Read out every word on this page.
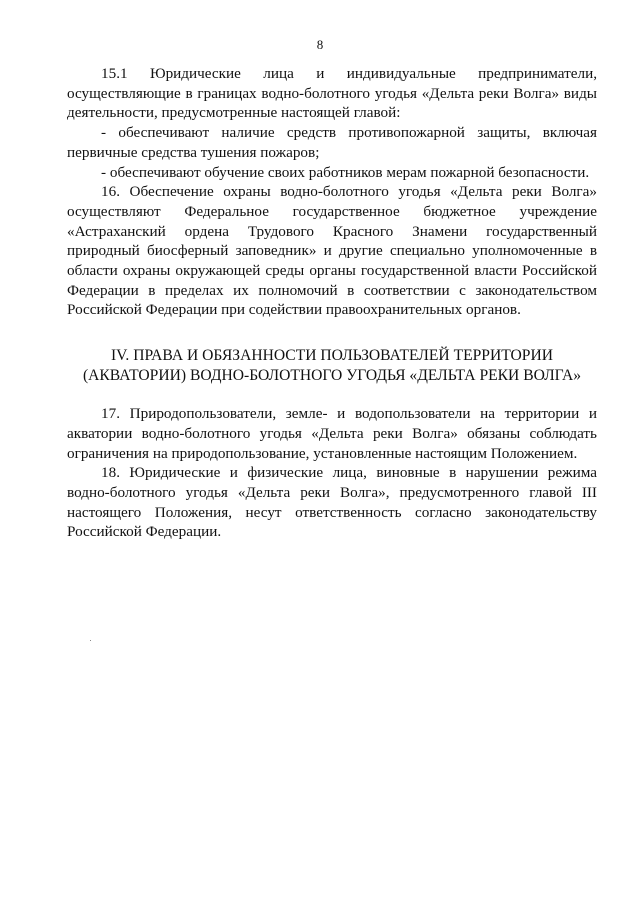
8

15.1 Юридические лица и индивидуальные предприниматели, осуществляющие в границах водно-болотного угодья «Дельта реки Волга» виды деятельности, предусмотренные настоящей главой:

- обеспечивают наличие средств противопожарной защиты, включая первичные средства тушения пожаров;

- обеспечивают обучение своих работников мерам пожарной безопасности.

16. Обеспечение охраны водно-болотного угодья «Дельта реки Волга» осуществляют Федеральное государственное бюджетное учреждение «Астраханский ордена Трудового Красного Знамени государственный природный биосферный заповедник» и другие специально уполномоченные в области охраны окружающей среды органы государственной власти Российской Федерации в пределах их полномочий в соответствии с законодательством Российской Федерации при содействии правоохранительных органов.

IV. ПРАВА И ОБЯЗАННОСТИ ПОЛЬЗОВАТЕЛЕЙ ТЕРРИТОРИИ
(АКВАТОРИИ) ВОДНО-БОЛОТНОГО УГОДЬЯ «ДЕЛЬТА РЕКИ ВОЛГА»

17. Природопользователи, земле- и водопользователи на территории и акватории водно-болотного угодья «Дельта реки Волга» обязаны соблюдать ограничения на природопользование, установленные настоящим Положением.

18. Юридические и физические лица, виновные в нарушении режима водно-болотного угодья «Дельта реки Волга», предусмотренного главой III настоящего Положения, несут ответственность согласно законодательству Российской Федерации.
